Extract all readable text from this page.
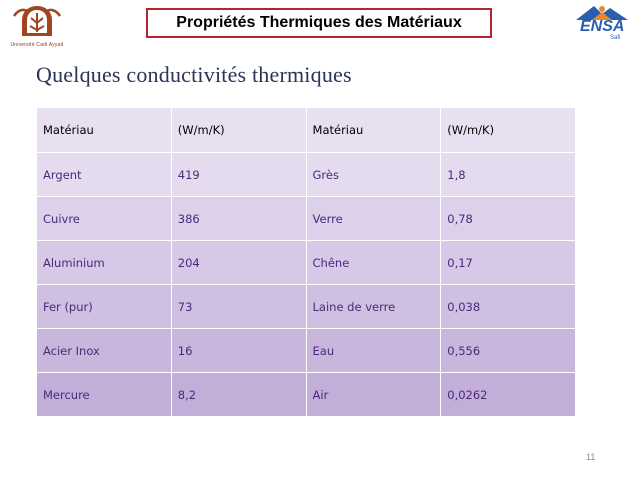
Université Cadi Ayyad
Propriétés Thermiques des Matériaux	ENSA
Safi
Quelques conductivités thermiques
Matériau	(W/m/K)	Matériau	(W/m/K)
Argent	419	Grès	1,8
Cuivre	386	Verre	0,78
Aluminium	204	Chêne	0,17
Fer (pur)	73	Laine de verre	0,038
Acier Inox	16	Eau	0,556
Mercure	8,2	Air	0,0262
11
